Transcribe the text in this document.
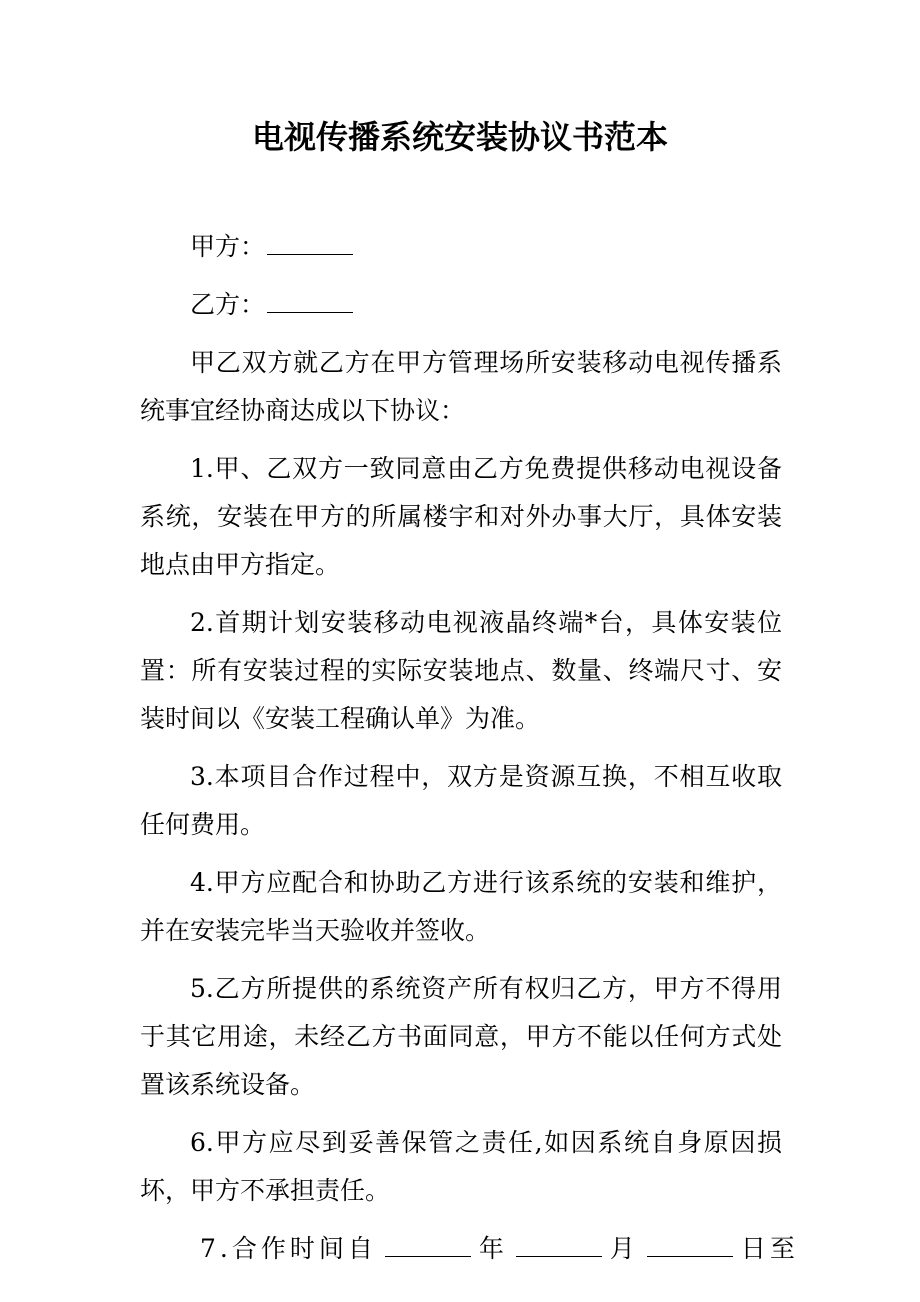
电视传播系统安装协议书范本

甲方：

乙方：

甲乙双方就乙方在甲方管理场所安装移动电视传播系统事宜经协商达成以下协议：

1.甲、乙双方一致同意由乙方免费提供移动电视设备系统，安装在甲方的所属楼宇和对外办事大厅，具体安装地点由甲方指定。

2.首期计划安装移动电视液晶终端*台，具体安装位置：所有安装过程的实际安装地点、数量、终端尺寸、安装时间以《安装工程确认单》为准。

3.本项目合作过程中，双方是资源互换，不相互收取任何费用。

4.甲方应配合和协助乙方进行该系统的安装和维护，并在安装完毕当天验收并签收。

5.乙方所提供的系统资产所有权归乙方，甲方不得用于其它用途，未经乙方书面同意，甲方不能以任何方式处置该系统设备。

6.甲方应尽到妥善保管之责任,如因系统自身原因损坏，甲方不承担责任。

7.合作时间自	年	月	日至
